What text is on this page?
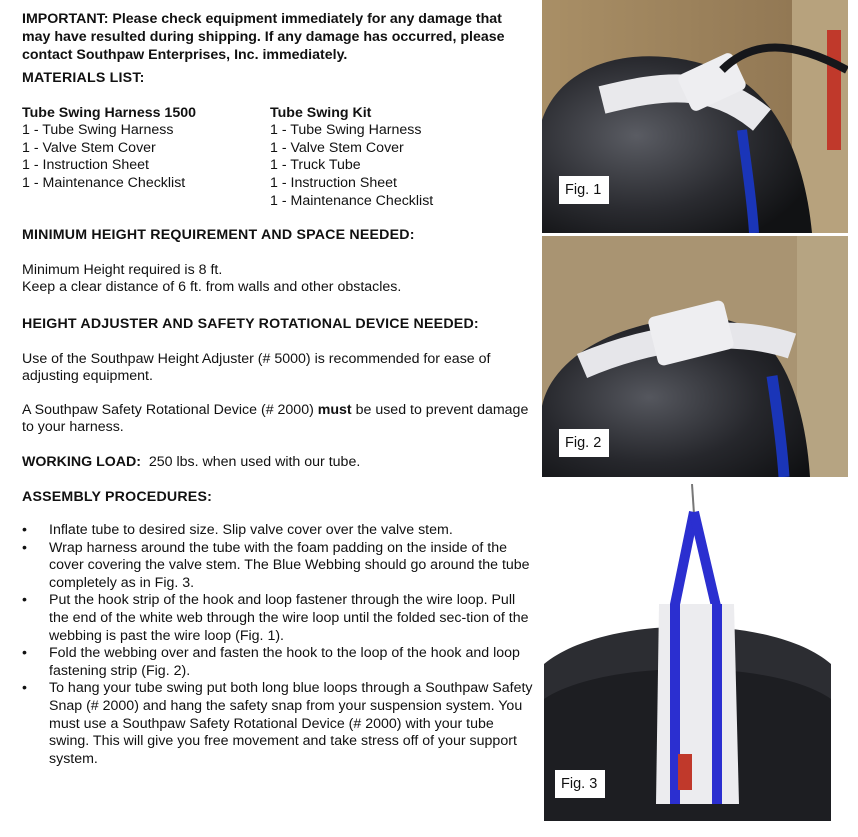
IMPORTANT: Please check equipment immediately for any damage that may have resulted during shipping. If any damage has occurred, please contact Southpaw Enterprises, Inc. immediately.

MATERIALS LIST:
Tube Swing Harness 1500
1 - Tube Swing Harness
1 - Valve Stem Cover
1 - Instruction Sheet
1 - Maintenance Checklist
Tube Swing Kit
1 - Tube Swing Harness
1 - Valve Stem Cover
1 - Truck Tube
1 - Instruction Sheet
1 - Maintenance Checklist
MINIMUM HEIGHT REQUIREMENT AND SPACE NEEDED:

Minimum Height required is 8 ft.

Keep a clear distance of 6 ft. from walls and other obstacles.

HEIGHT ADJUSTER AND SAFETY ROTATIONAL DEVICE NEEDED:

Use of the Southpaw Height Adjuster (# 5000) is recommended for ease of adjusting equipment.

A Southpaw Safety Rotational Device (# 2000) must be used to prevent damage to your harness.

WORKING LOAD:  250 lbs. when used with our tube.

ASSEMBLY PROCEDURES:
• Inflate tube to desired size. Slip valve cover over the valve stem.
• Wrap harness around the tube with the foam padding on the inside of the cover covering the valve stem. The Blue Webbing should go around the tube completely as in Fig. 3.
• Put the hook strip of the hook and loop fastener through the wire loop. Pull the end of the white web through the wire loop until the folded sec-tion of the webbing is past the wire loop (Fig. 1).
• Fold the webbing over and fasten the hook to the loop of the hook and loop fastening strip (Fig. 2).
• To hang your tube swing put both long blue loops through a Southpaw Safety Snap (# 2000) and hang the safety snap from your suspension system. You must use a Southpaw Safety Rotational Device (# 2000) with your tube swing. This will give you free movement and take stress off of your support system.
Fig. 1
Fig. 2
Fig. 3
